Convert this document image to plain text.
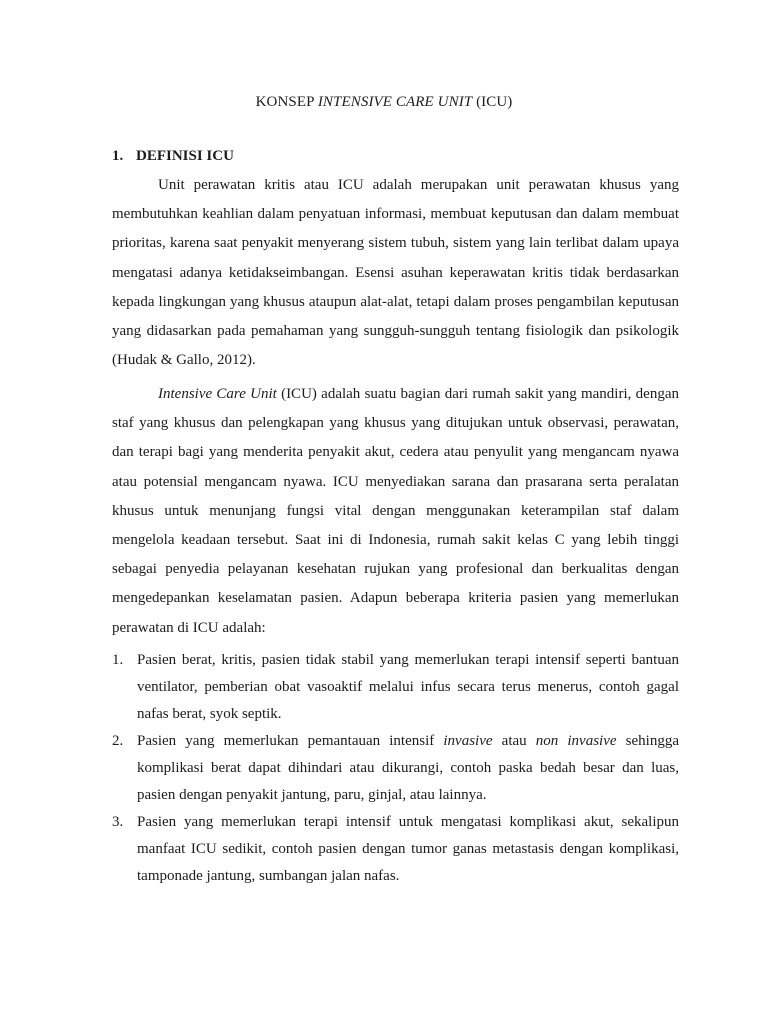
KONSEP INTENSIVE CARE UNIT (ICU)
1. DEFINISI ICU

Unit perawatan kritis atau ICU adalah merupakan unit perawatan khusus yang membutuhkan keahlian dalam penyatuan informasi, membuat keputusan dan dalam membuat prioritas, karena saat penyakit menyerang sistem tubuh, sistem yang lain terlibat dalam upaya mengatasi adanya ketidakseimbangan. Esensi asuhan keperawatan kritis tidak berdasarkan kepada lingkungan yang khusus ataupun alat-alat, tetapi dalam proses pengambilan keputusan yang didasarkan pada pemahaman yang sungguh-sungguh tentang fisiologik dan psikologik (Hudak & Gallo, 2012).

Intensive Care Unit (ICU) adalah suatu bagian dari rumah sakit yang mandiri, dengan staf yang khusus dan pelengkapan yang khusus yang ditujukan untuk observasi, perawatan, dan terapi bagi yang menderita penyakit akut, cedera atau penyulit yang mengancam nyawa atau potensial mengancam nyawa. ICU menyediakan sarana dan prasarana serta peralatan khusus untuk menunjang fungsi vital dengan menggunakan keterampilan staf dalam mengelola keadaan tersebut. Saat ini di Indonesia, rumah sakit kelas C yang lebih tinggi sebagai penyedia pelayanan kesehatan rujukan yang profesional dan berkualitas dengan mengedepankan keselamatan pasien. Adapun beberapa kriteria pasien yang memerlukan perawatan di ICU adalah:

1. Pasien berat, kritis, pasien tidak stabil yang memerlukan terapi intensif seperti bantuan ventilator, pemberian obat vasoaktif melalui infus secara terus menerus, contoh gagal nafas berat, syok septik.
2. Pasien yang memerlukan pemantauan intensif invasive atau non invasive sehingga komplikasi berat dapat dihindari atau dikurangi, contoh paska bedah besar dan luas, pasien dengan penyakit jantung, paru, ginjal, atau lainnya.
3. Pasien yang memerlukan terapi intensif untuk mengatasi komplikasi akut, sekalipun manfaat ICU sedikit, contoh pasien dengan tumor ganas metastasis dengan komplikasi, tamponade jantung, sumbangan jalan nafas.
